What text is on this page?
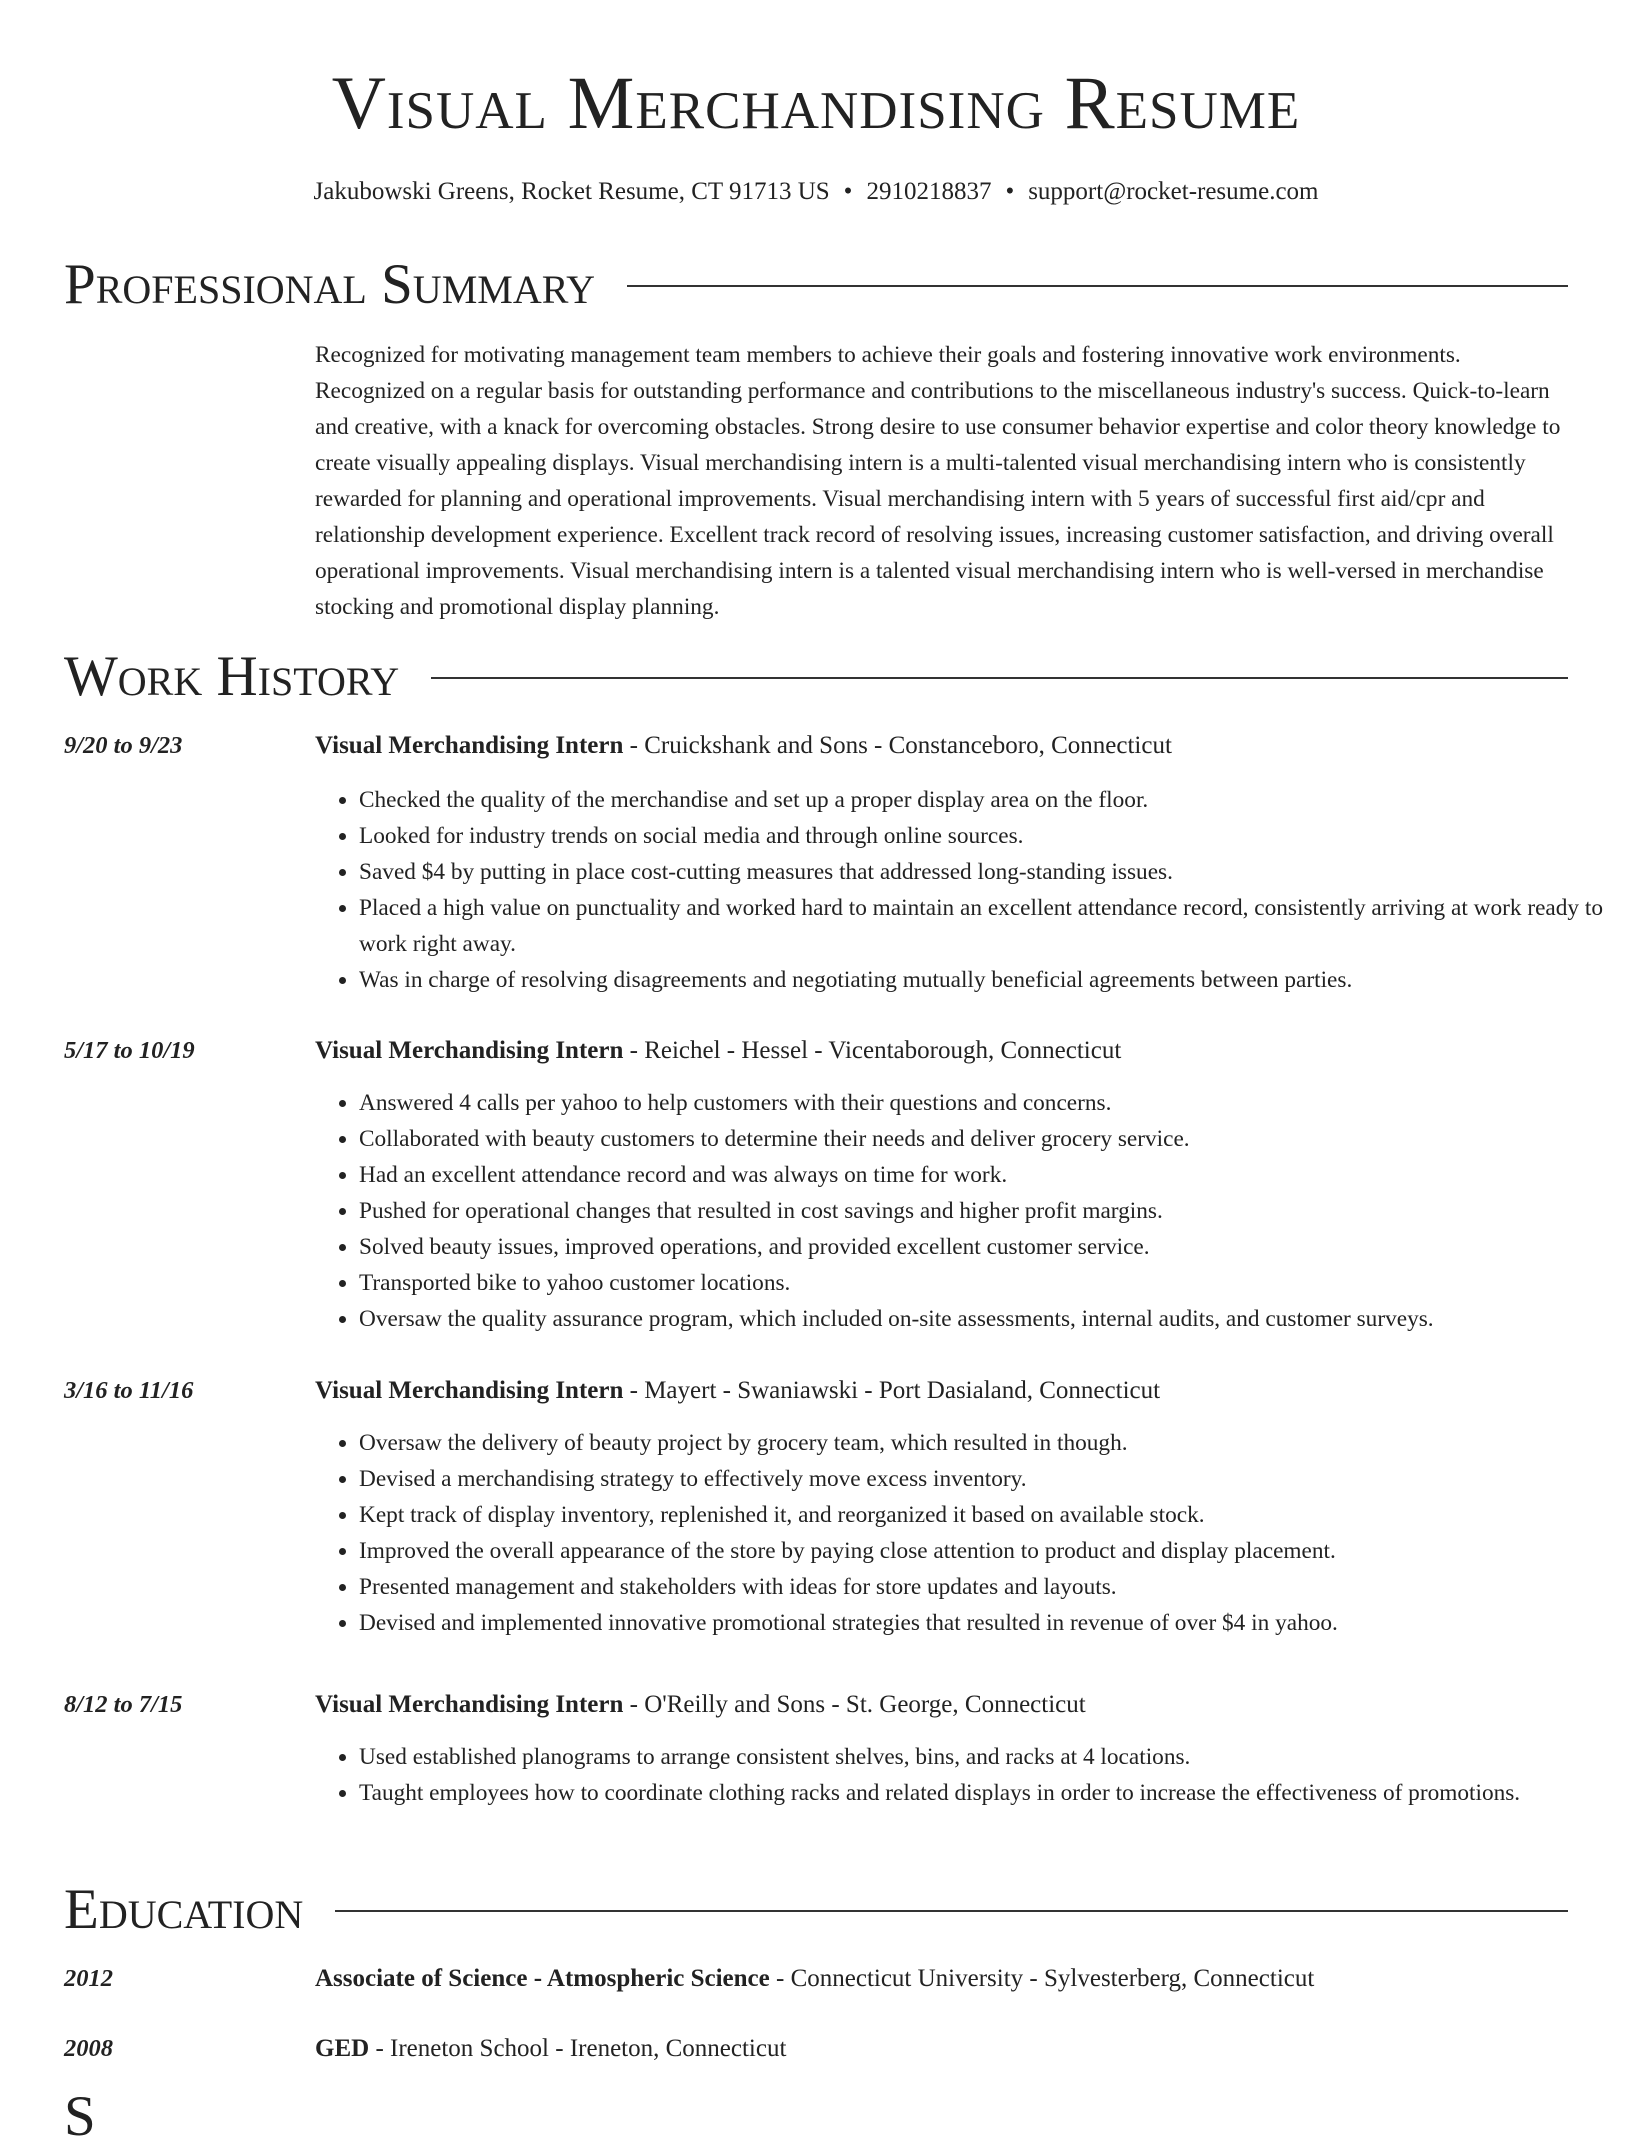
Visual Merchandising Resume
Jakubowski Greens, Rocket Resume, CT 91713 US • 2910218837 • support@rocket-resume.com
Professional Summary

Recognized for motivating management team members to achieve their goals and fostering innovative work environments. Recognized on a regular basis for outstanding performance and contributions to the miscellaneous industry's success. Quick-to-learn and creative, with a knack for overcoming obstacles. Strong desire to use consumer behavior expertise and color theory knowledge to create visually appealing displays. Visual merchandising intern is a multi-talented visual merchandising intern who is consistently rewarded for planning and operational improvements. Visual merchandising intern with 5 years of successful first aid/cpr and relationship development experience. Excellent track record of resolving issues, increasing customer satisfaction, and driving overall operational improvements. Visual merchandising intern is a talented visual merchandising intern who is well-versed in merchandise stocking and promotional display planning.

Work History
9/20 to 9/23	Visual Merchandising Intern - Cruickshank and Sons - Constanceboro, Connecticut
• Checked the quality of the merchandise and set up a proper display area on the floor.
• Looked for industry trends on social media and through online sources.
• Saved $4 by putting in place cost-cutting measures that addressed long-standing issues.
• Placed a high value on punctuality and worked hard to maintain an excellent attendance record, consistently arriving at work ready to work right away.
• Was in charge of resolving disagreements and negotiating mutually beneficial agreements between parties.
5/17 to 10/19	Visual Merchandising Intern - Reichel - Hessel - Vicentaborough, Connecticut
• Answered 4 calls per yahoo to help customers with their questions and concerns.
• Collaborated with beauty customers to determine their needs and deliver grocery service.
• Had an excellent attendance record and was always on time for work.
• Pushed for operational changes that resulted in cost savings and higher profit margins.
• Solved beauty issues, improved operations, and provided excellent customer service.
• Transported bike to yahoo customer locations.
• Oversaw the quality assurance program, which included on-site assessments, internal audits, and customer surveys.
3/16 to 11/16	Visual Merchandising Intern - Mayert - Swaniawski - Port Dasialand, Connecticut
• Oversaw the delivery of beauty project by grocery team, which resulted in though.
• Devised a merchandising strategy to effectively move excess inventory.
• Kept track of display inventory, replenished it, and reorganized it based on available stock.
• Improved the overall appearance of the store by paying close attention to product and display placement.
• Presented management and stakeholders with ideas for store updates and layouts.
• Devised and implemented innovative promotional strategies that resulted in revenue of over $4 in yahoo.
8/12 to 7/15	Visual Merchandising Intern - O'Reilly and Sons - St. George, Connecticut
• Used established planograms to arrange consistent shelves, bins, and racks at 4 locations.
• Taught employees how to coordinate clothing racks and related displays in order to increase the effectiveness of promotions.
Education
2012	Associate of Science - Atmospheric Science - Connecticut University - Sylvesterberg, Connecticut
2008	GED - Ireneton School - Ireneton, Connecticut
S
